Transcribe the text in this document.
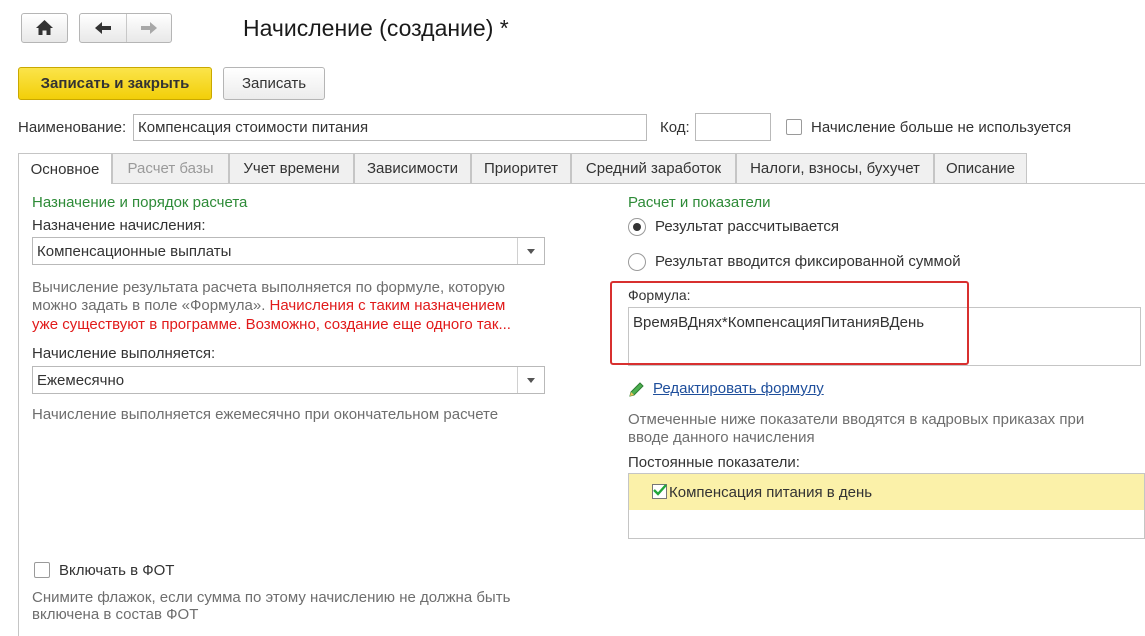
Начисление (создание) *
Записать и закрыть	Записать
Наименование: Компенсация стоимости питания	Код:	Начисление больше не используется
Основное	Расчет базы	Учет времени	Зависимости	Приоритет	Средний заработок	Налоги, взносы, бухучет	Описание
Назначение и порядок расчета
Назначение начисления:
Компенсационные выплаты
Вычисление результата расчета выполняется по формуле, которую
можно задать в поле «Формула». Начисления с таким назначением
уже существуют в программе. Возможно, создание еще одного так...
Начисление выполняется:
Ежемесячно
Начисление выполняется ежемесячно при окончательном расчете
Включать в ФОТ
Снимите флажок, если сумма по этому начислению не должна быть
включена в состав ФОТ
Расчет и показатели
Результат рассчитывается
Результат вводится фиксированной суммой
Формула:
ВремяВДнях*КомпенсацияПитанияВДень
Редактировать формулу
Отмеченные ниже показатели вводятся в кадровых приказах при
вводе данного начисления
Постоянные показатели:
Компенсация питания в день
